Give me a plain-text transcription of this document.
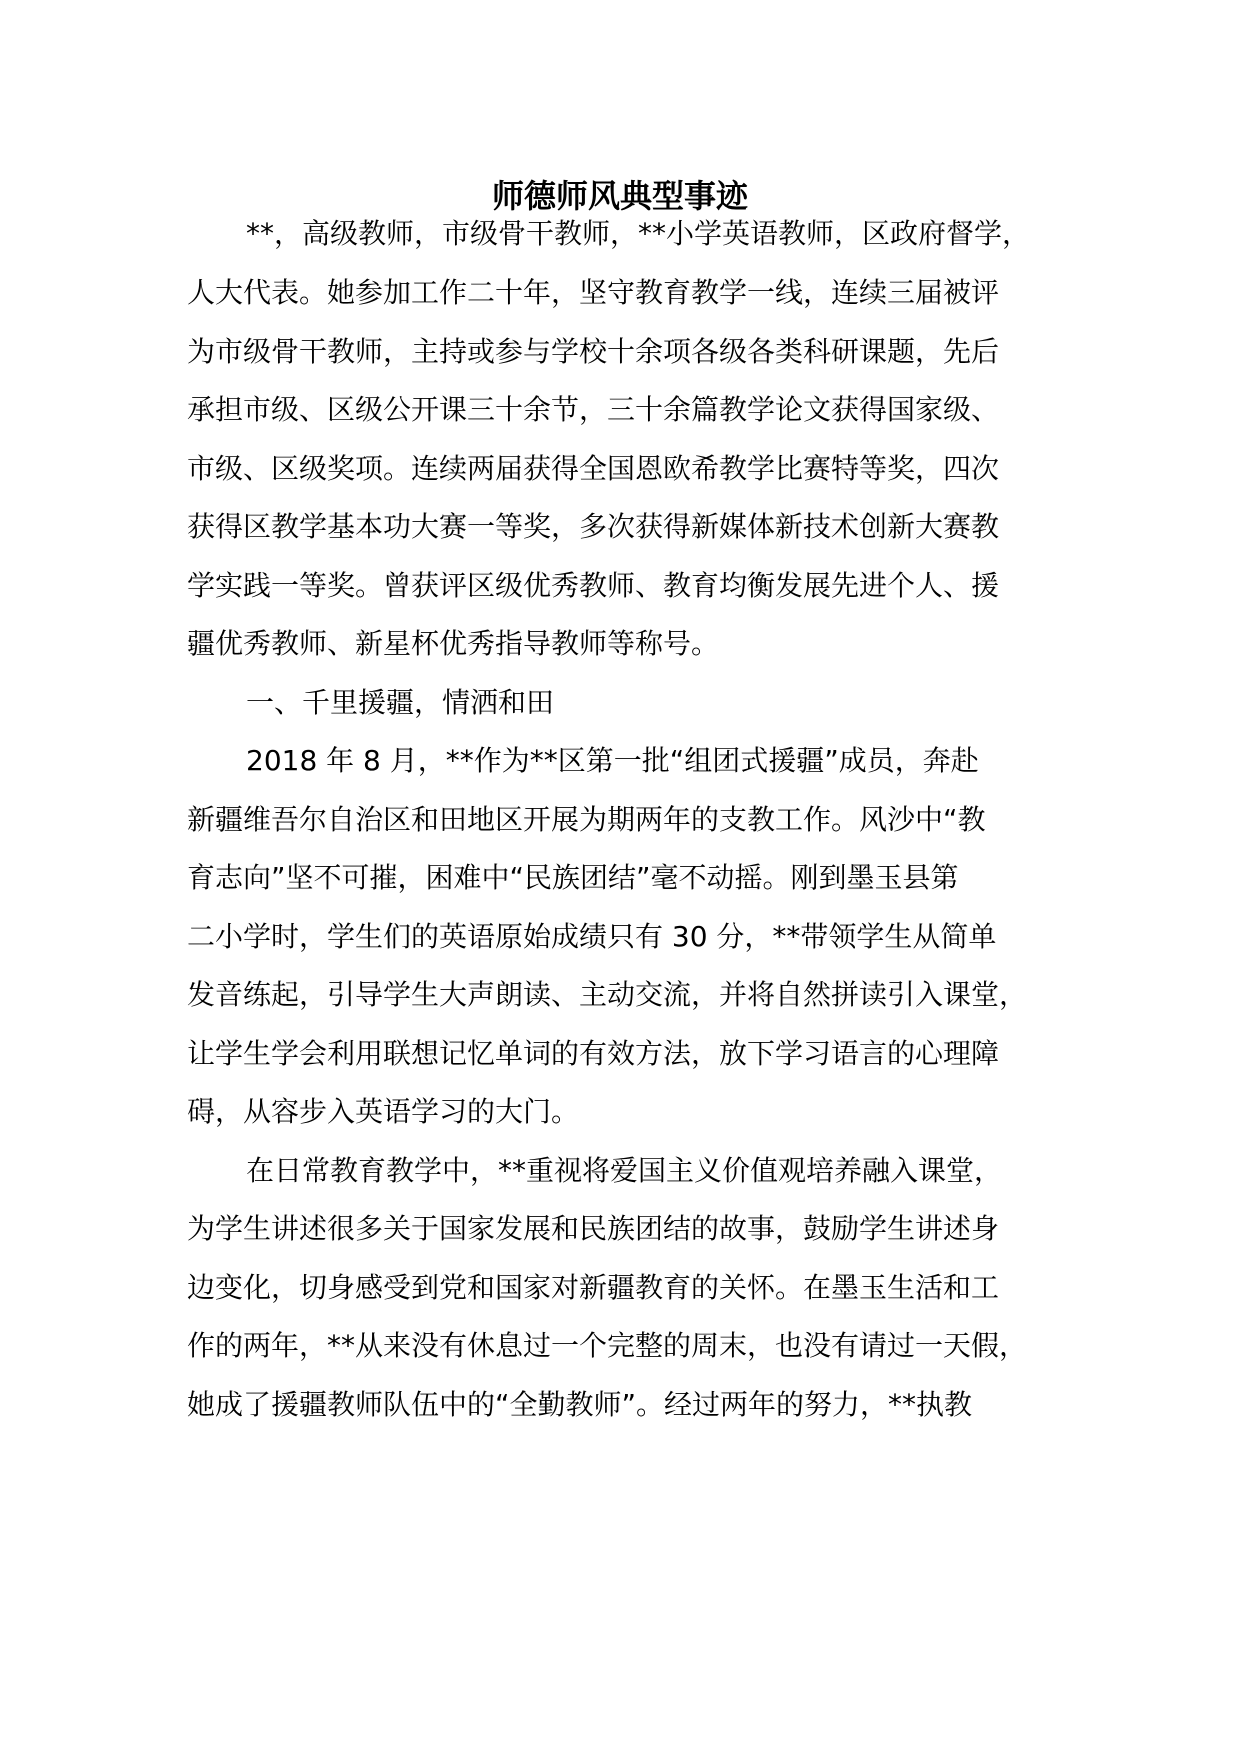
师德师风典型事迹

**，高级教师，市级骨干教师，**小学英语教师，区政府督学，

人大代表。她参加工作二十年，坚守教育教学一线，连续三届被评

为市级骨干教师，主持或参与学校十余项各级各类科研课题，先后

承担市级、区级公开课三十余节，三十余篇教学论文获得国家级、

市级、区级奖项。连续两届获得全国恩欧希教学比赛特等奖，四次

获得区教学基本功大赛一等奖，多次获得新媒体新技术创新大赛教

学实践一等奖。曾获评区级优秀教师、教育均衡发展先进个人、援

疆优秀教师、新星杯优秀指导教师等称号。

一、千里援疆，情洒和田

2018 年 8 月，**作为**区第一批“组团式援疆”成员，奔赴

新疆维吾尔自治区和田地区开展为期两年的支教工作。风沙中“教

育志向”坚不可摧，困难中“民族团结”毫不动摇。刚到墨玉县第

二小学时，学生们的英语原始成绩只有 30 分，**带领学生从简单

发音练起，引导学生大声朗读、主动交流，并将自然拼读引入课堂，

让学生学会利用联想记忆单词的有效方法，放下学习语言的心理障

碍，从容步入英语学习的大门。

在日常教育教学中，**重视将爱国主义价值观培养融入课堂，

为学生讲述很多关于国家发展和民族团结的故事，鼓励学生讲述身

边变化，切身感受到党和国家对新疆教育的关怀。在墨玉生活和工

作的两年，**从来没有休息过一个完整的周末，也没有请过一天假，

她成了援疆教师队伍中的“全勤教师”。经过两年的努力，**执教
